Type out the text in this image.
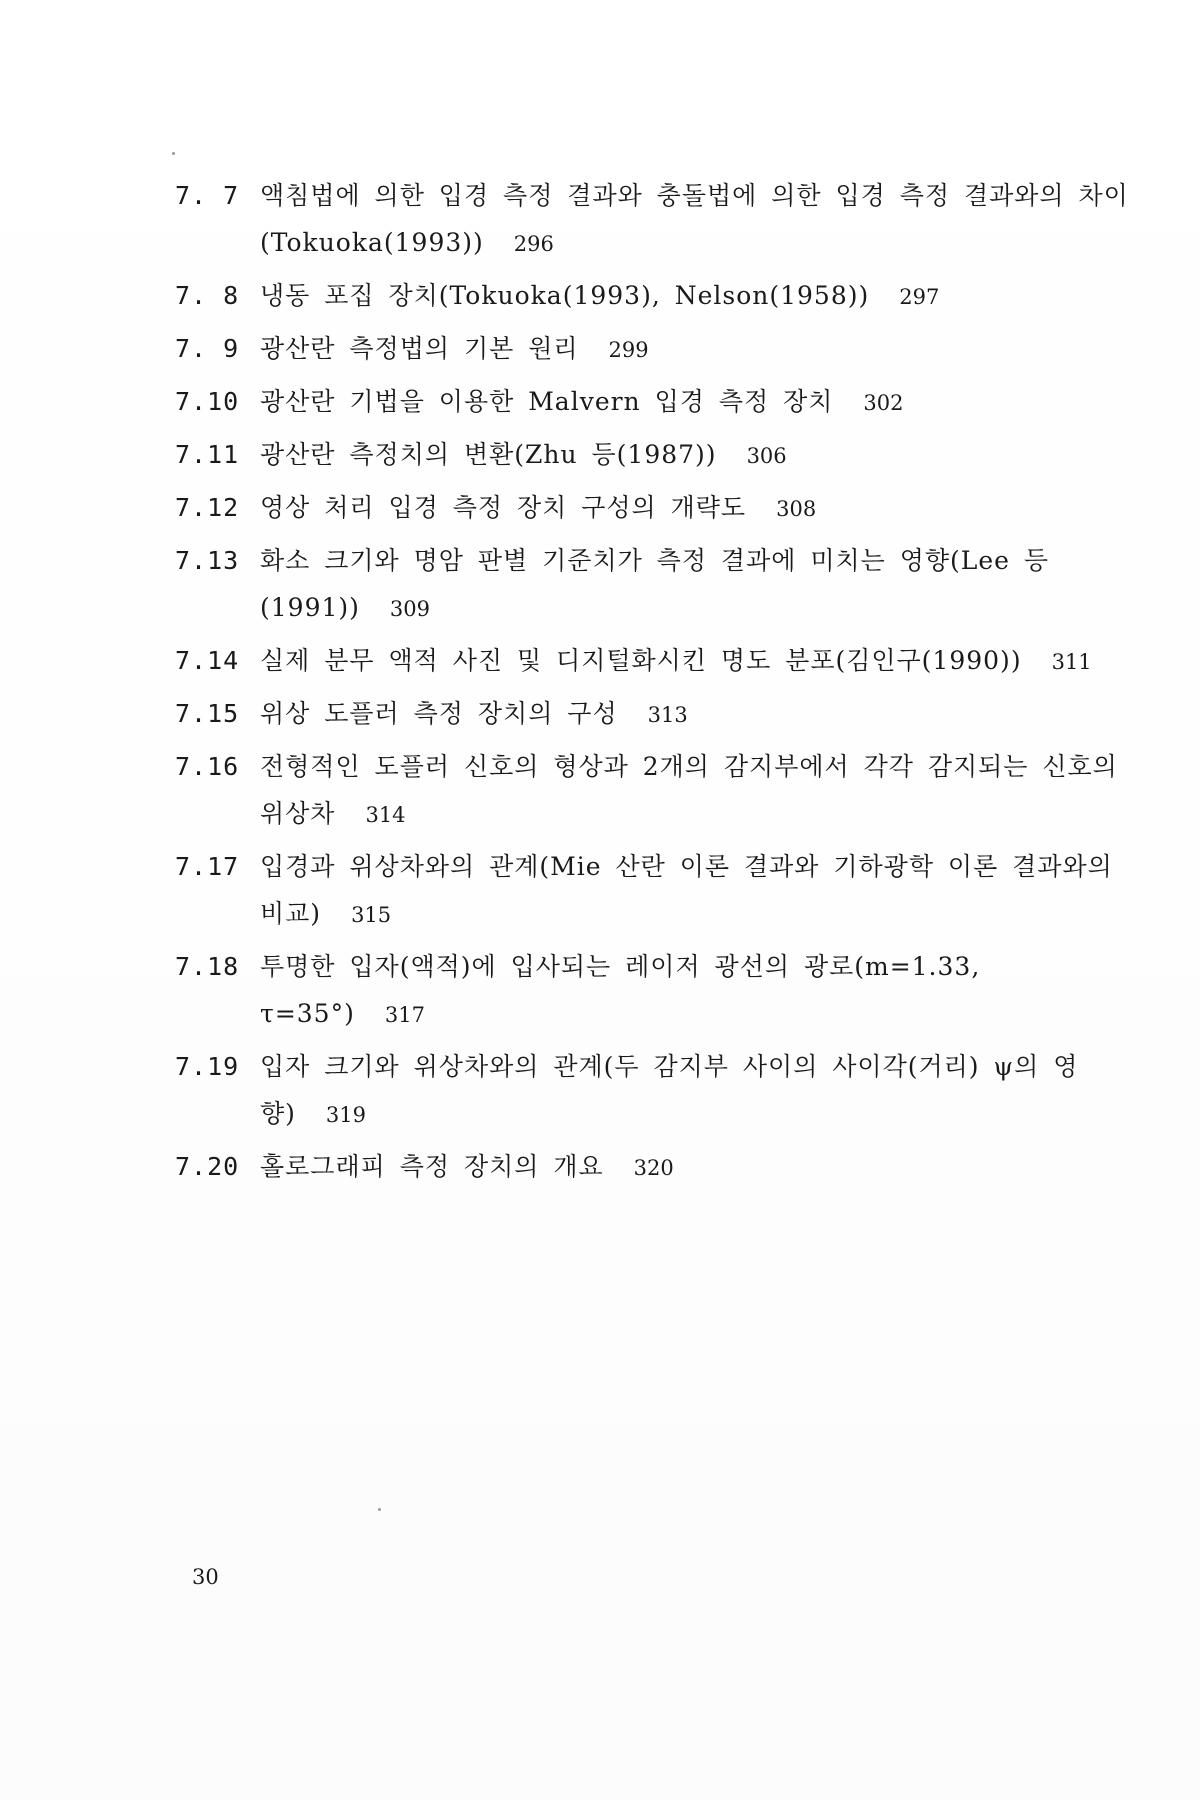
7. 7 액침법에 의한 입경 측정 결과와 충돌법에 의한 입경 측정 결과와의 차이(Tokuoka(1993)) 296
7. 8 냉동 포집 장치(Tokuoka(1993), Nelson(1958)) 297
7. 9 광산란 측정법의 기본 원리 299
7.10 광산란 기법을 이용한 Malvern 입경 측정 장치 302
7.11 광산란 측정치의 변환(Zhu 등(1987)) 306
7.12 영상 처리 입경 측정 장치 구성의 개략도 308
7.13 화소 크기와 명암 판별 기준치가 측정 결과에 미치는 영향(Lee 등(1991)) 309
7.14 실제 분무 액적 사진 및 디지털화시킨 명도 분포(김인구(1990)) 311
7.15 위상 도플러 측정 장치의 구성 313
7.16 전형적인 도플러 신호의 형상과 2개의 감지부에서 각각 감지되는 신호의 위상차 314
7.17 입경과 위상차와의 관계(Mie 산란 이론 결과와 기하광학 이론 결과와의 비교) 315
7.18 투명한 입자(액적)에 입사되는 레이저 광선의 광로(m=1.33, τ=35°) 317
7.19 입자 크기와 위상차와의 관계(두 감지부 사이의 사이각(거리) ψ의 영향) 319
7.20 홀로그래피 측정 장치의 개요 320
30
